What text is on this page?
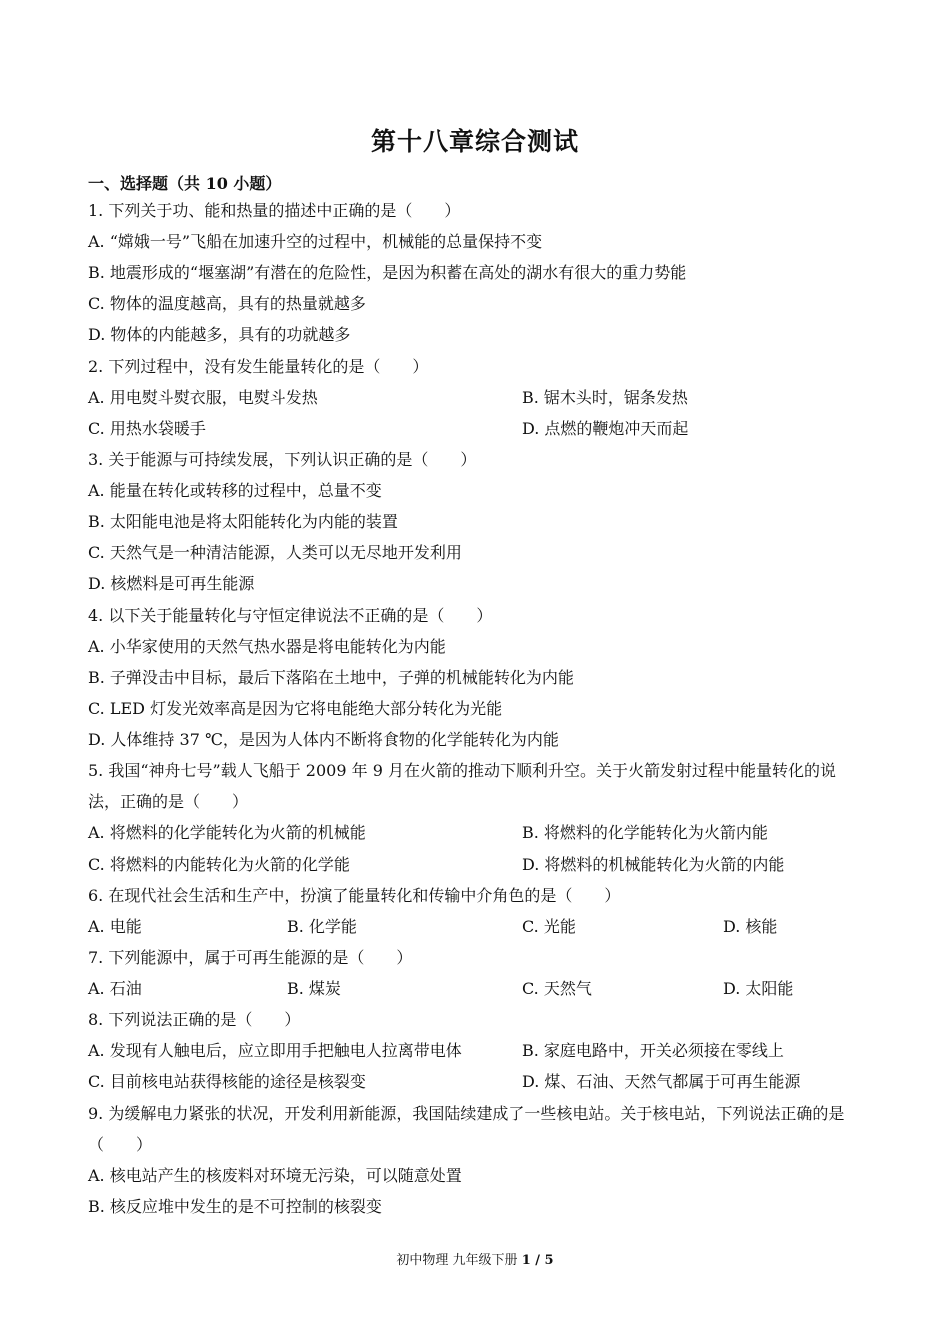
第十八章综合测试
一、选择题（共 10 小题）
1. 下列关于功、能和热量的描述中正确的是（　　）
A. “嫦娥一号”飞船在加速升空的过程中，机械能的总量保持不变
B. 地震形成的“堰塞湖”有潜在的危险性，是因为积蓄在高处的湖水有很大的重力势能
C. 物体的温度越高，具有的热量就越多
D. 物体的内能越多，具有的功就越多
2. 下列过程中，没有发生能量转化的是（　　）
A. 用电熨斗熨衣服，电熨斗发热	B. 锯木头时，锯条发热
C. 用热水袋暖手	D. 点燃的鞭炮冲天而起
3. 关于能源与可持续发展，下列认识正确的是（　　）
A. 能量在转化或转移的过程中，总量不变
B. 太阳能电池是将太阳能转化为内能的装置
C. 天然气是一种清洁能源，人类可以无尽地开发利用
D. 核燃料是可再生能源
4. 以下关于能量转化与守恒定律说法不正确的是（　　）
A. 小华家使用的天然气热水器是将电能转化为内能
B. 子弹没击中目标，最后下落陷在土地中，子弹的机械能转化为内能
C. LED 灯发光效率高是因为它将电能绝大部分转化为光能
D. 人体维持 37 ℃，是因为人体内不断将食物的化学能转化为内能
5. 我国“神舟七号”载人飞船于 2009 年 9 月在火箭的推动下顺利升空。关于火箭发射过程中能量转化的说
法，正确的是（　　）
A. 将燃料的化学能转化为火箭的机械能	B. 将燃料的化学能转化为火箭内能
C. 将燃料的内能转化为火箭的化学能	D. 将燃料的机械能转化为火箭的内能
6. 在现代社会生活和生产中，扮演了能量转化和传输中介角色的是（　　）
A. 电能	B. 化学能	C. 光能	D. 核能
7. 下列能源中，属于可再生能源的是（　　）
A. 石油	B. 煤炭	C. 天然气	D. 太阳能
8. 下列说法正确的是（　　）
A. 发现有人触电后，应立即用手把触电人拉离带电体	B. 家庭电路中，开关必须接在零线上
C. 目前核电站获得核能的途径是核裂变	D. 煤、石油、天然气都属于可再生能源
9. 为缓解电力紧张的状况，开发利用新能源，我国陆续建成了一些核电站。关于核电站，下列说法正确的是
（　　）
A. 核电站产生的核废料对环境无污染，可以随意处置
B. 核反应堆中发生的是不可控制的核裂变
初中物理 九年级下册 1 / 5
